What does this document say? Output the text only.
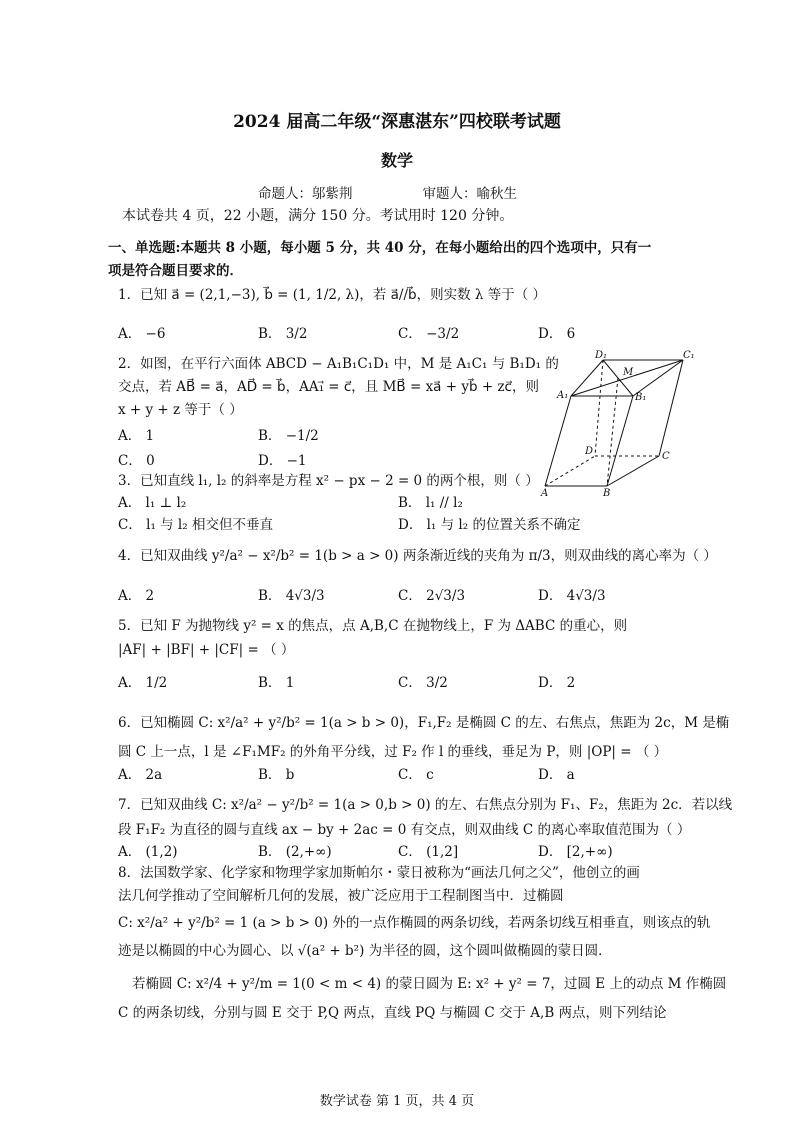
2024 届高二年级“深惠湛东”四校联考试题
数学
命题人：邬紫荆	审题人：喻秋生
本试卷共 4 页，22 小题，满分 150 分。考试用时 120 分钟。
一、单选题:本题共 8 小题，每小题 5 分，共 40 分，在每小题给出的四个选项中，只有一
项是符合题目要求的．
1．已知 a⃗ = (2,1,−3), b⃗ = (1, 1/2, λ)，若 a⃗//b⃗，则实数 λ 等于（ ）
A． −6	B． 3/2	C． −3/2	D． 6
2．如图，在平行六面体 ABCD − A₁B₁C₁D₁ 中，M 是 A₁C₁ 与 B₁D₁ 的
交点，若 AB⃗ = a⃗，AD⃗ = b⃗，AA₁⃗ = c⃗，且 MB⃗ = xa⃗ + yb⃗ + zc⃗，则
x + y + z 等于（ ）
A． 1	B． −1/2
C． 0	D． −1
D₁	C₁
A₁	B₁
M
D	C
A	B
3．已知直线 l₁, l₂ 的斜率是方程 x² − px − 2 = 0 的两个根，则（ ）
A． l₁ ⊥ l₂	B． l₁ // l₂
C． l₁ 与 l₂ 相交但不垂直	D． l₁ 与 l₂ 的位置关系不确定
4．已知双曲线 y²/a² − x²/b² = 1(b > a > 0) 两条渐近线的夹角为 π/3，则双曲线的离心率为（ ）
A． 2	B． 4√3/3	C． 2√3/3	D． 4√3/3
5．已知 F 为抛物线 y² = x 的焦点，点 A,B,C 在抛物线上，F 为 ΔABC 的重心，则
|AF| + |BF| + |CF| = （ ）
A． 1/2	B． 1	C． 3/2	D． 2
6．已知椭圆 C: x²/a² + y²/b² = 1(a > b > 0)，F₁,F₂ 是椭圆 C 的左、右焦点，焦距为 2c，M 是椭
圆 C 上一点，l 是 ∠F₁MF₂ 的外角平分线，过 F₂ 作 l 的垂线，垂足为 P，则 |OP| = （ ）
A． 2a	B． b	C． c	D． a
7．已知双曲线 C: x²/a² − y²/b² = 1(a > 0,b > 0) 的左、右焦点分别为 F₁、F₂，焦距为 2c．若以线
段 F₁F₂ 为直径的圆与直线 ax − by + 2ac = 0 有交点，则双曲线 C 的离心率取值范围为（ ）
A． (1,2)	B． (2,+∞)	C． (1,2]	D． [2,+∞)
8．法国数学家、化学家和物理学家加斯帕尔・蒙日被称为“画法几何之父”，他创立的画
法几何学推动了空间解析几何的发展，被广泛应用于工程制图当中．过椭圆
C: x²/a² + y²/b² = 1 (a > b > 0) 外的一点作椭圆的两条切线，若两条切线互相垂直，则该点的轨
迹是以椭圆的中心为圆心、以 √(a² + b²) 为半径的圆，这个圆叫做椭圆的蒙日圆．
若椭圆 C: x²/4 + y²/m = 1(0 < m < 4) 的蒙日圆为 E: x² + y² = 7，过圆 E 上的动点 M 作椭圆
C 的两条切线，分别与圆 E 交于 P,Q 两点，直线 PQ 与椭圆 C 交于 A,B 两点，则下列结论
数学试卷 第 1 页，共 4 页
